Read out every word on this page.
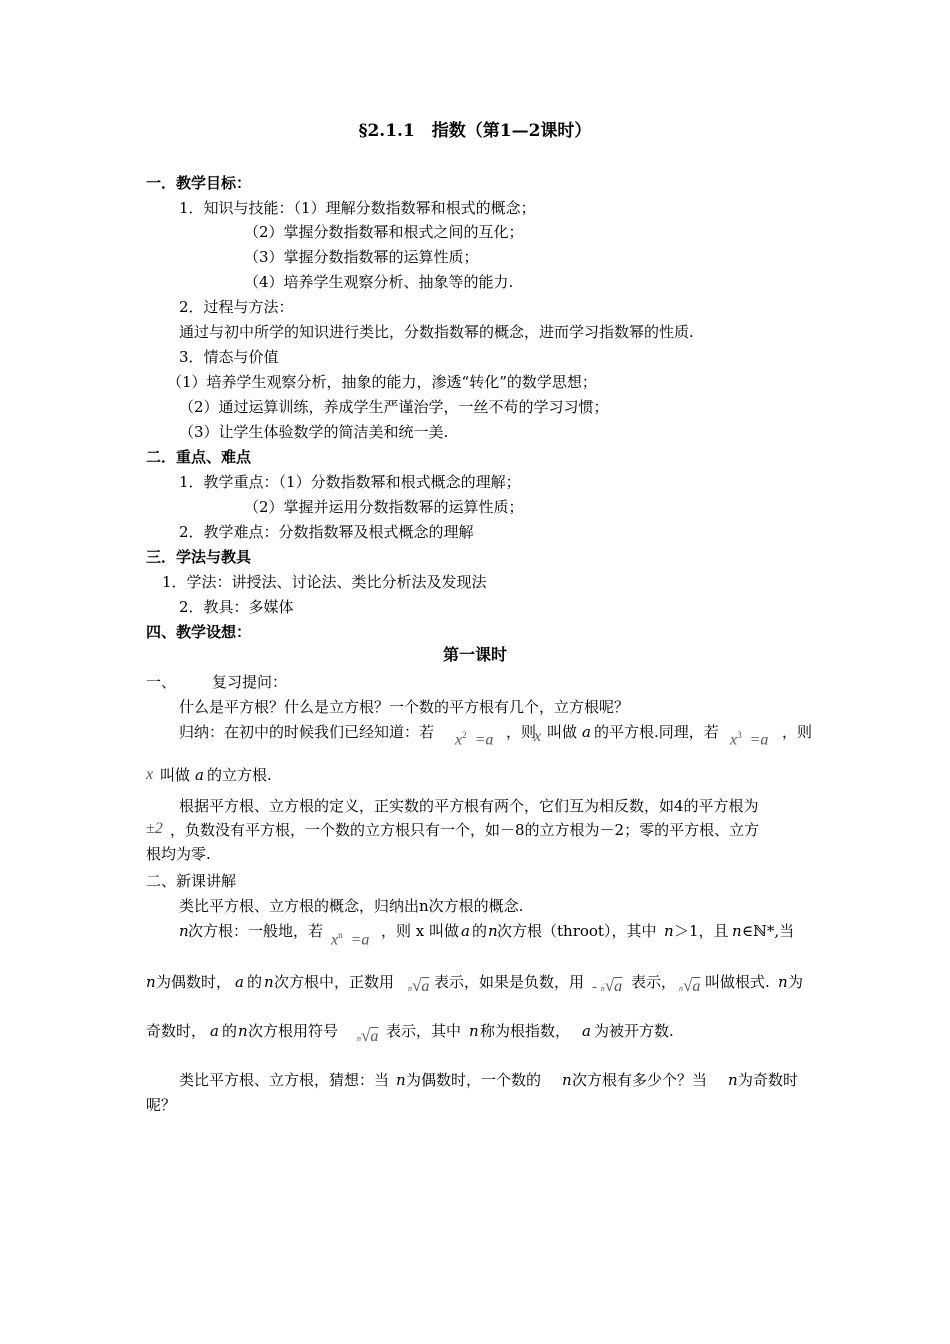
§2.1.1　指数（第1—2课时）
一．教学目标：
1．知识与技能：（1）理解分数指数幂和根式的概念；
（2）掌握分数指数幂和根式之间的互化；
（3）掌握分数指数幂的运算性质；
（4）培养学生观察分析、抽象等的能力.
2．过程与方法：
通过与初中所学的知识进行类比，分数指数幂的概念，进而学习指数幂的性质.
3．情态与价值
（1）培养学生观察分析，抽象的能力，渗透“转化”的数学思想；
（2）通过运算训练，养成学生严谨治学，一丝不苟的学习习惯；
（3）让学生体验数学的简洁美和统一美.
二．重点、难点
1．教学重点：（1）分数指数幂和根式概念的理解；
（2）掌握并运用分数指数幂的运算性质；
2．教学难点：分数指数幂及根式概念的理解
三．学法与教具
1．学法：讲授法、讨论法、类比分析法及发现法
2．教具：多媒体
四、教学设想：
第一课时
一、 复习提问：
什么是平方根？什么是立方根？一个数的平方根有几个，立方根呢？
归纳：在初中的时候我们已经知道：若 $x^2 =a$ ，则
x 叫做 a 的平方根.同理，若 $x^3 =a$ ，则
x 叫做 a 的立方根.
根据平方根、立方根的定义，正实数的平方根有两个，它们互为相反数，如4的平方根为
±2 ，负数没有平方根，一个数的立方根只有一个，如－8的立方根为－2；零的平方根、立方
根均为零.
二、新课讲解
类比平方根、立方根的概念，归纳出n次方根的概念.
n 次方根：一般地，若 $x^n =a$ ，则 x 叫做 a 的 n 次方根（throot），其中 n ＞1，且 n ∈ℕ*,当
n 为偶数时， a 的 n 次方根中，正数用 $^n$√a 表示，如果是负数，用 - $^n$√a 表示， $^n$√a 叫做根式. n 为
奇数时， a 的 n 次方根用符号 $^n$√a 表示，其中 n 称为根指数， a 为被开方数.
类比平方根、立方根，猜想：当 n 为偶数时，一个数的 n 次方根有多少个？当 n 为奇数时
呢？
